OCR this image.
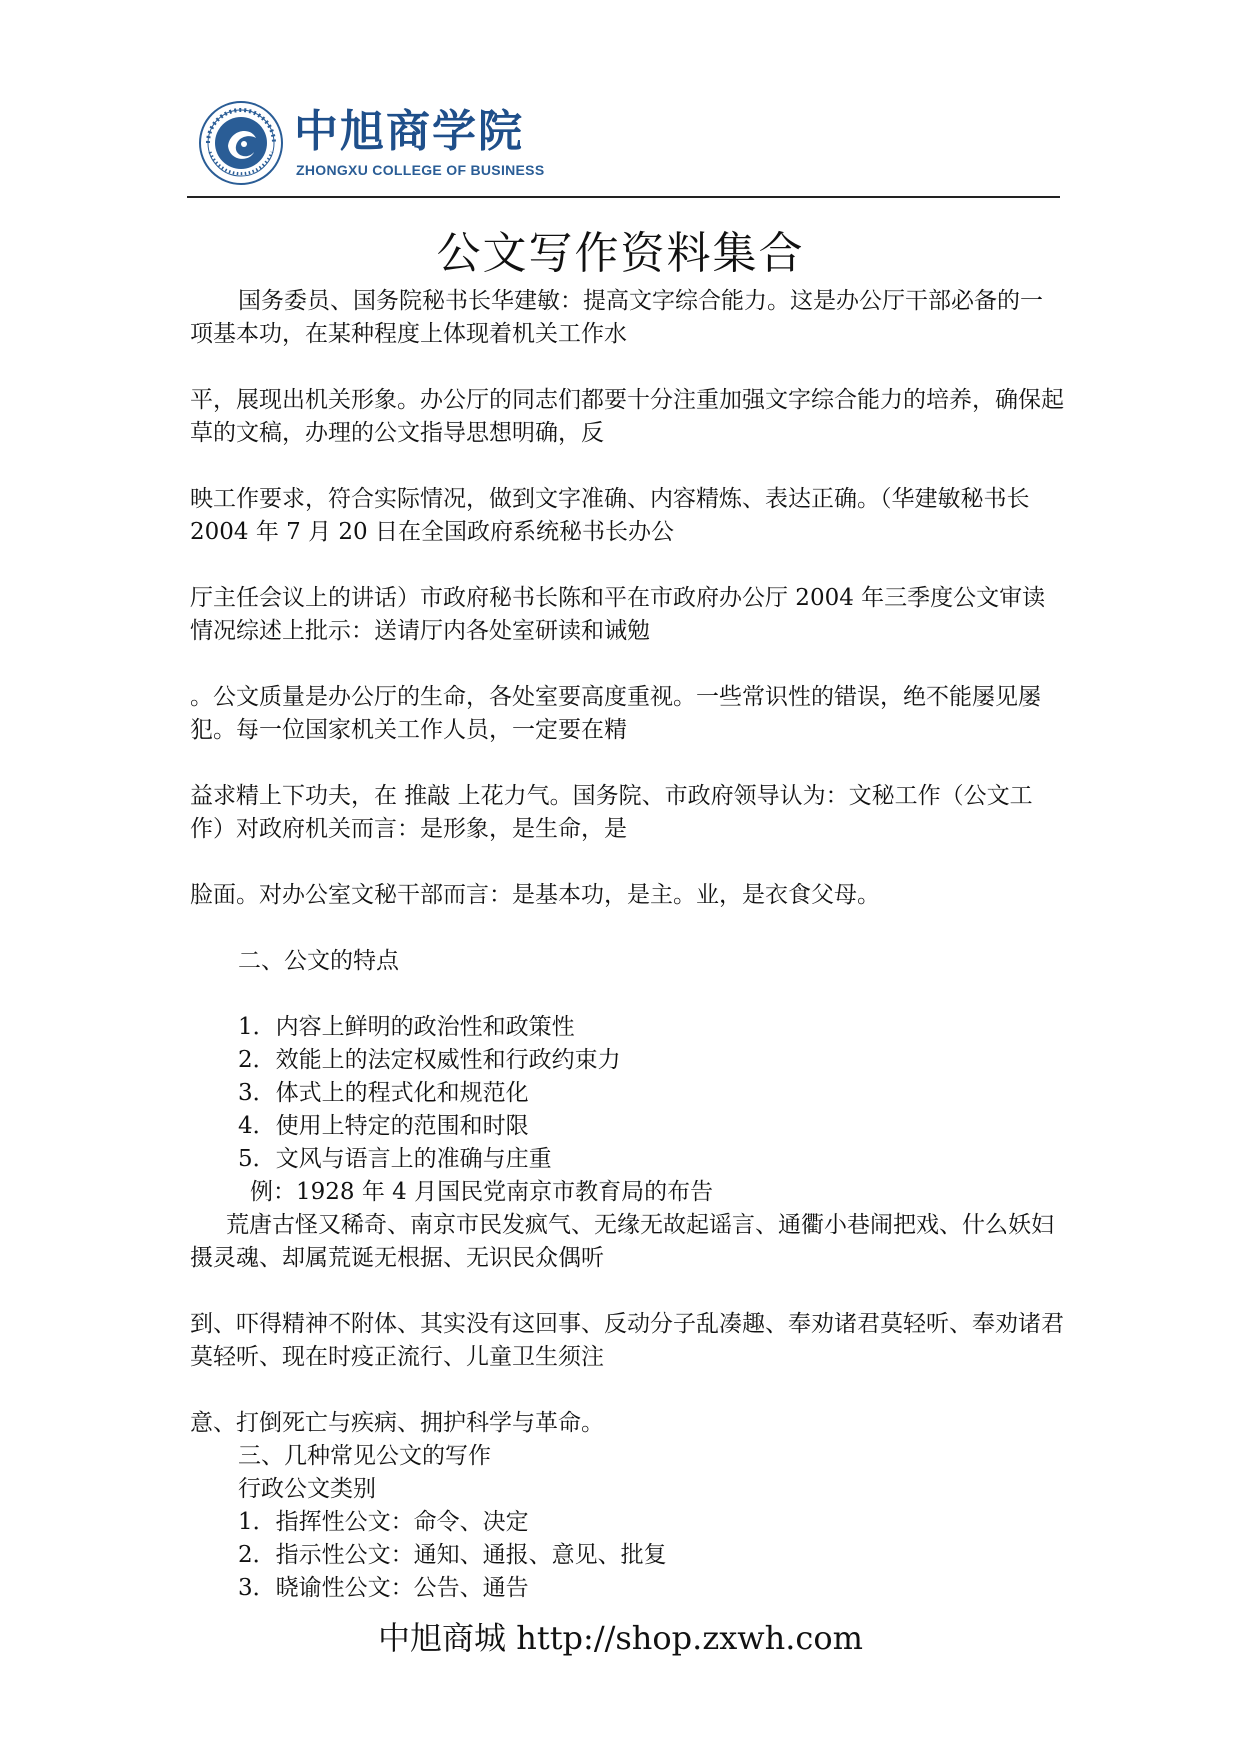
中旭商学院
ZHONGXU COLLEGE OF BUSINESS
公文写作资料集合

国务委员、国务院秘书长华建敏：提高文字综合能力。这是办公厅干部必备的一项基本功，在某种程度上体现着机关工作水

平，展现出机关形象。办公厅的同志们都要十分注重加强文字综合能力的培养，确保起草的文稿，办理的公文指导思想明确，反

映工作要求，符合实际情况，做到文字准确、内容精炼、表达正确。（华建敏秘书长 2004 年 7 月 20 日在全国政府系统秘书长办公

厅主任会议上的讲话）市政府秘书长陈和平在市政府办公厅 2004 年三季度公文审读情况综述上批示：送请厅内各处室研读和诫勉

。公文质量是办公厅的生命，各处室要高度重视。一些常识性的错误，绝不能屡见屡犯。每一位国家机关工作人员，一定要在精

益求精上下功夫，在 推敲 上花力气。国务院、市政府领导认为：文秘工作（公文工作）对政府机关而言：是形象，是生命，是

脸面。对办公室文秘干部而言：是基本功，是主。业，是衣食父母。

二、公文的特点

1．内容上鲜明的政治性和政策性

2．效能上的法定权威性和行政约束力

3．体式上的程式化和规范化

4．使用上特定的范围和时限

5．文风与语言上的准确与庄重

例：1928 年 4 月国民党南京市教育局的布告

荒唐古怪又稀奇、南京市民发疯气、无缘无故起谣言、通衢小巷闹把戏、什么妖妇摄灵魂、却属荒诞无根据、无识民众偶听

到、吓得精神不附体、其实没有这回事、反动分子乱凑趣、奉劝诸君莫轻听、奉劝诸君莫轻听、现在时疫正流行、儿童卫生须注

意、打倒死亡与疾病、拥护科学与革命。

三、几种常见公文的写作

行政公文类别

1．指挥性公文：命令、决定

2．指示性公文：通知、通报、意见、批复

3．晓谕性公文：公告、通告

中旭商城 http://shop.zxwh.com
